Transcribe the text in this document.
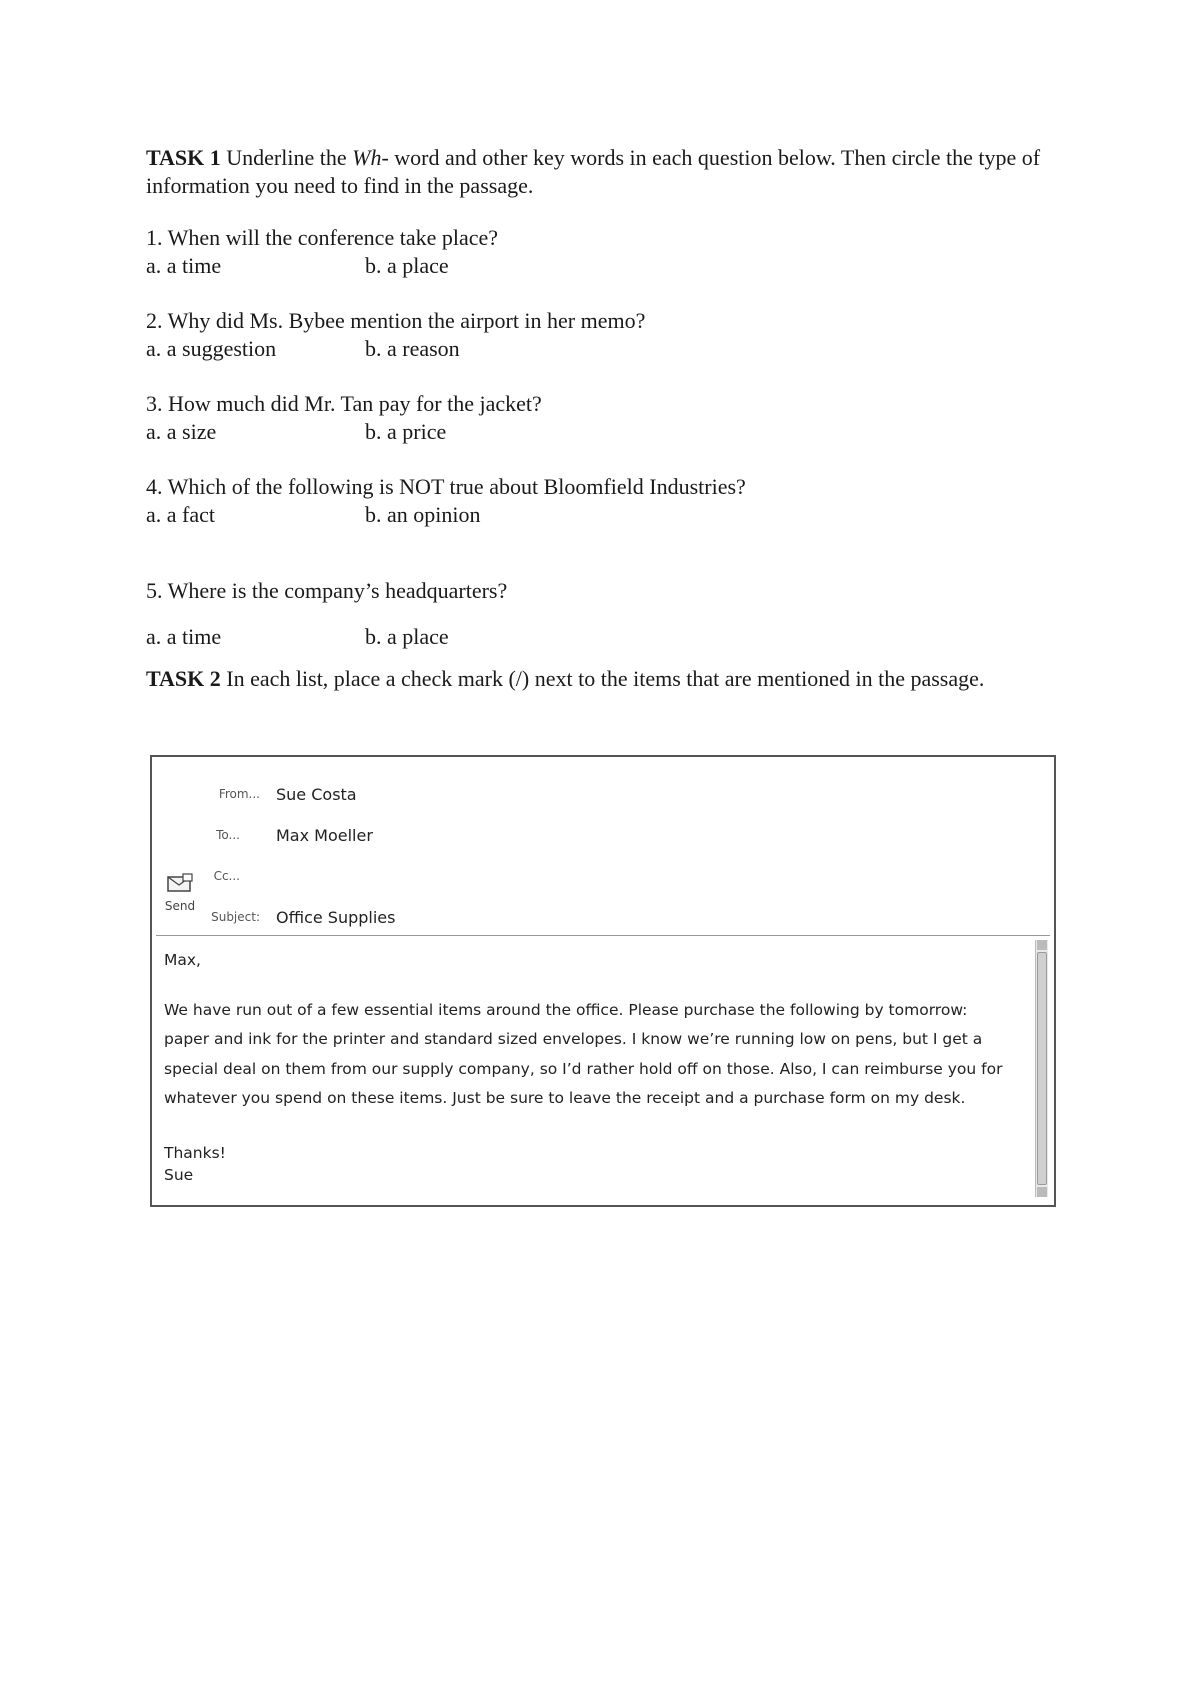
TASK 1 Underline the Wh- word and other key words in each question below. Then circle the type of information you need to find in the passage.

1. When will the conference take place?

a. a time	b. a place

2. Why did Ms. Bybee mention the airport in her memo?

a. a suggestion	b. a reason

3. How much did Mr. Tan pay for the jacket?

a. a size	b. a price

4. Which of the following is NOT true about Bloomfield Industries?

a. a fact	b. an opinion

5. Where is the company’s headquarters?

a. a time	b. a place

TASK 2 In each list, place a check mark (/) next to the items that are mentioned in the passage.

From... Sue Costa
To... Max Moeller
Cc...
Subject: Office Supplies
Send

Max,

We have run out of a few essential items around the office. Please purchase the following by tomorrow: paper and ink for the printer and standard sized envelopes. I know we’re running low on pens, but I get a special deal on them from our supply company, so I’d rather hold off on those. Also, I can reimburse you for whatever you spend on these items. Just be sure to leave the receipt and a purchase form on my desk.

Thanks!

Sue
